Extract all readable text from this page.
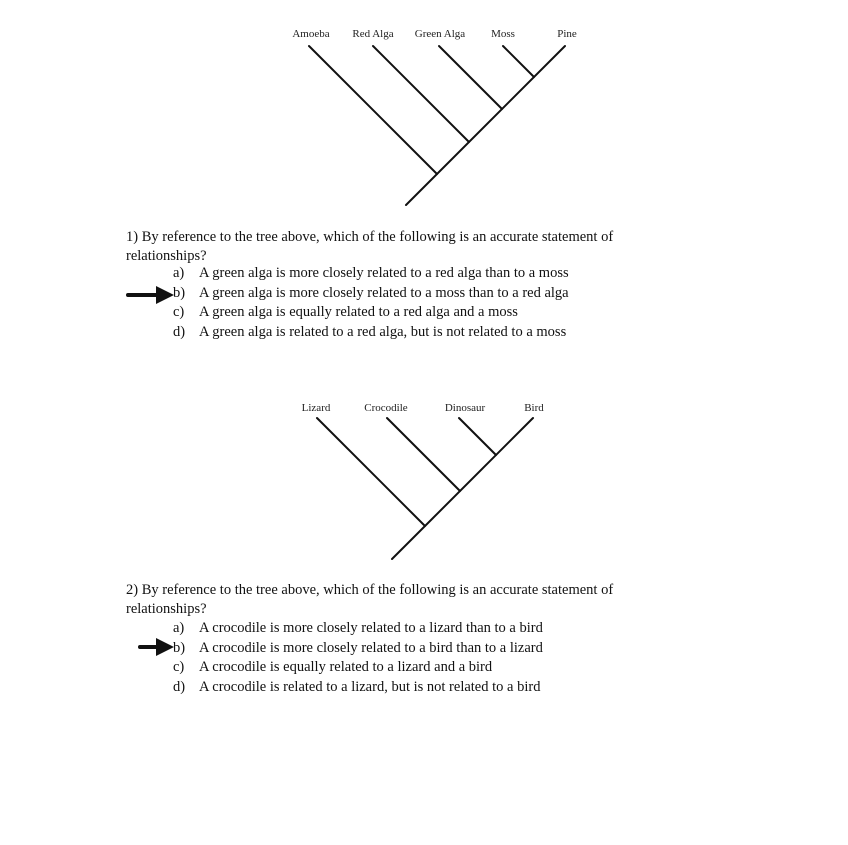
Amoeba Red Alga Green Alga Moss	Pine
1) By reference to the tree above, which of the following is an accurate statement of relationships?
a)	A green alga is more closely related to a red alga than to a moss
b) A green alga is more closely related to a moss than to a red alga
c)	A green alga is equally related to a red alga and a moss
d) A green alga is related to a red alga, but is not related to a moss
Lizard	Crocodile	Dinosaur	Bird
2) By reference to the tree above, which of the following is an accurate statement of relationships?
a)	A crocodile is more closely related to a lizard than to a bird
b) A crocodile is more closely related to a bird than to a lizard
c)	A crocodile is equally related to a lizard and a bird
d) A crocodile is related to a lizard, but is not related to a bird
